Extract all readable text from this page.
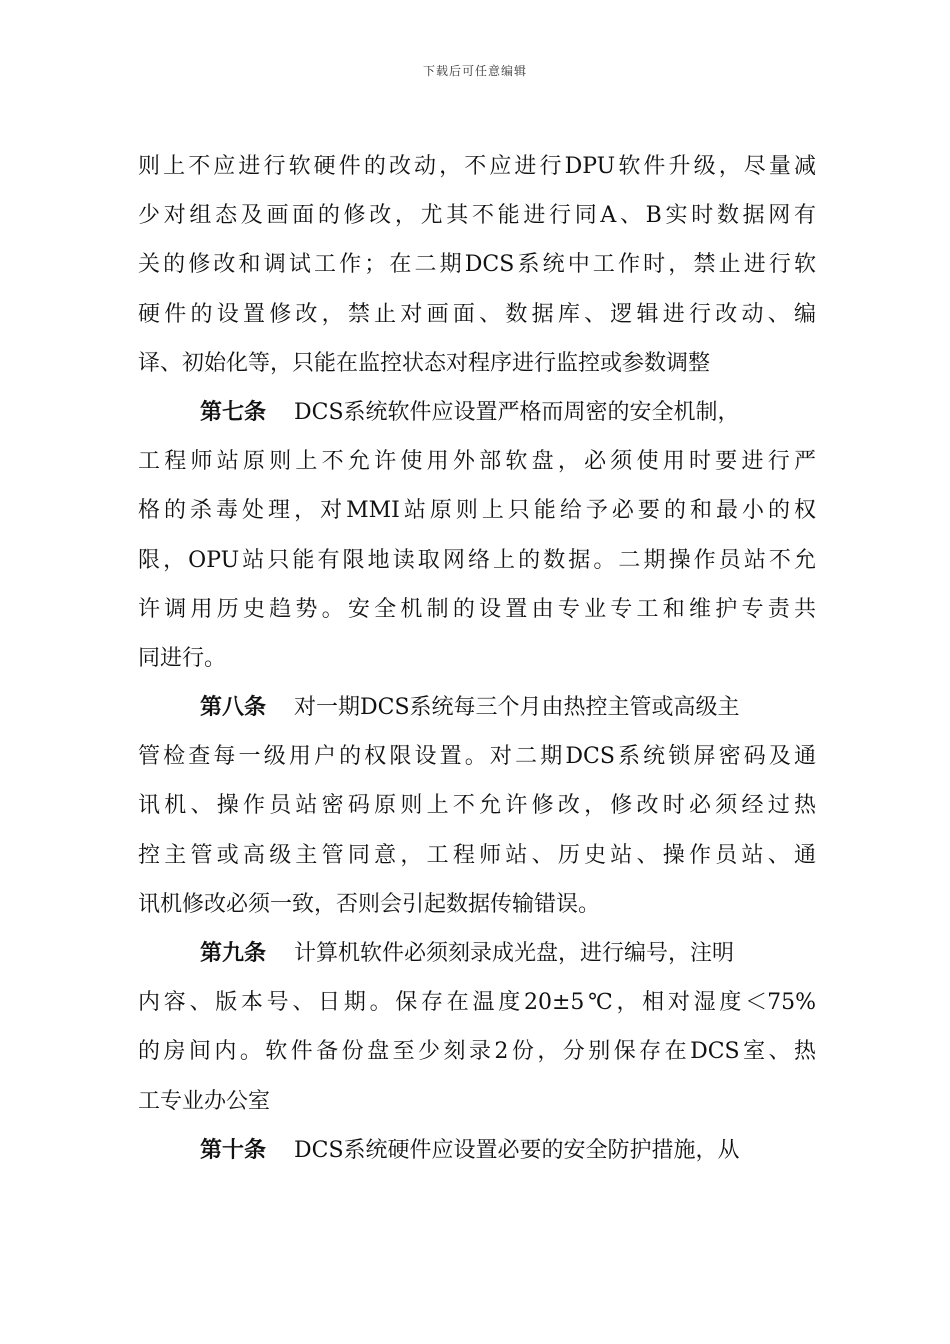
下载后可任意编辑
则上不应进行软硬件的改动，不应进行DPU软件升级，尽量减
少对组态及画面的修改，尤其不能进行同A、B实时数据网有
关的修改和调试工作；在二期DCS系统中工作时，禁止进行软
硬件的设置修改，禁止对画面、数据库、逻辑进行改动、编
译、初始化等，只能在监控状态对程序进行监控或参数调整
第七条 DCS系统软件应设置严格而周密的安全机制，
工程师站原则上不允许使用外部软盘，必须使用时要进行严
格的杀毒处理，对MMI站原则上只能给予必要的和最小的权
限，OPU站只能有限地读取网络上的数据。二期操作员站不允
许调用历史趋势。安全机制的设置由专业专工和维护专责共
同进行。
第八条 对一期DCS系统每三个月由热控主管或高级主
管检查每一级用户的权限设置。对二期DCS系统锁屏密码及通
讯机、操作员站密码原则上不允许修改，修改时必须经过热
控主管或高级主管同意，工程师站、历史站、操作员站、通
讯机修改必须一致，否则会引起数据传输错误。
第九条 计算机软件必须刻录成光盘，进行编号，注明
内容、版本号、日期。保存在温度20±5℃，相对湿度＜75%
的房间内。软件备份盘至少刻录2份，分别保存在DCS室、热
工专业办公室
第十条 DCS系统硬件应设置必要的安全防护措施，从
